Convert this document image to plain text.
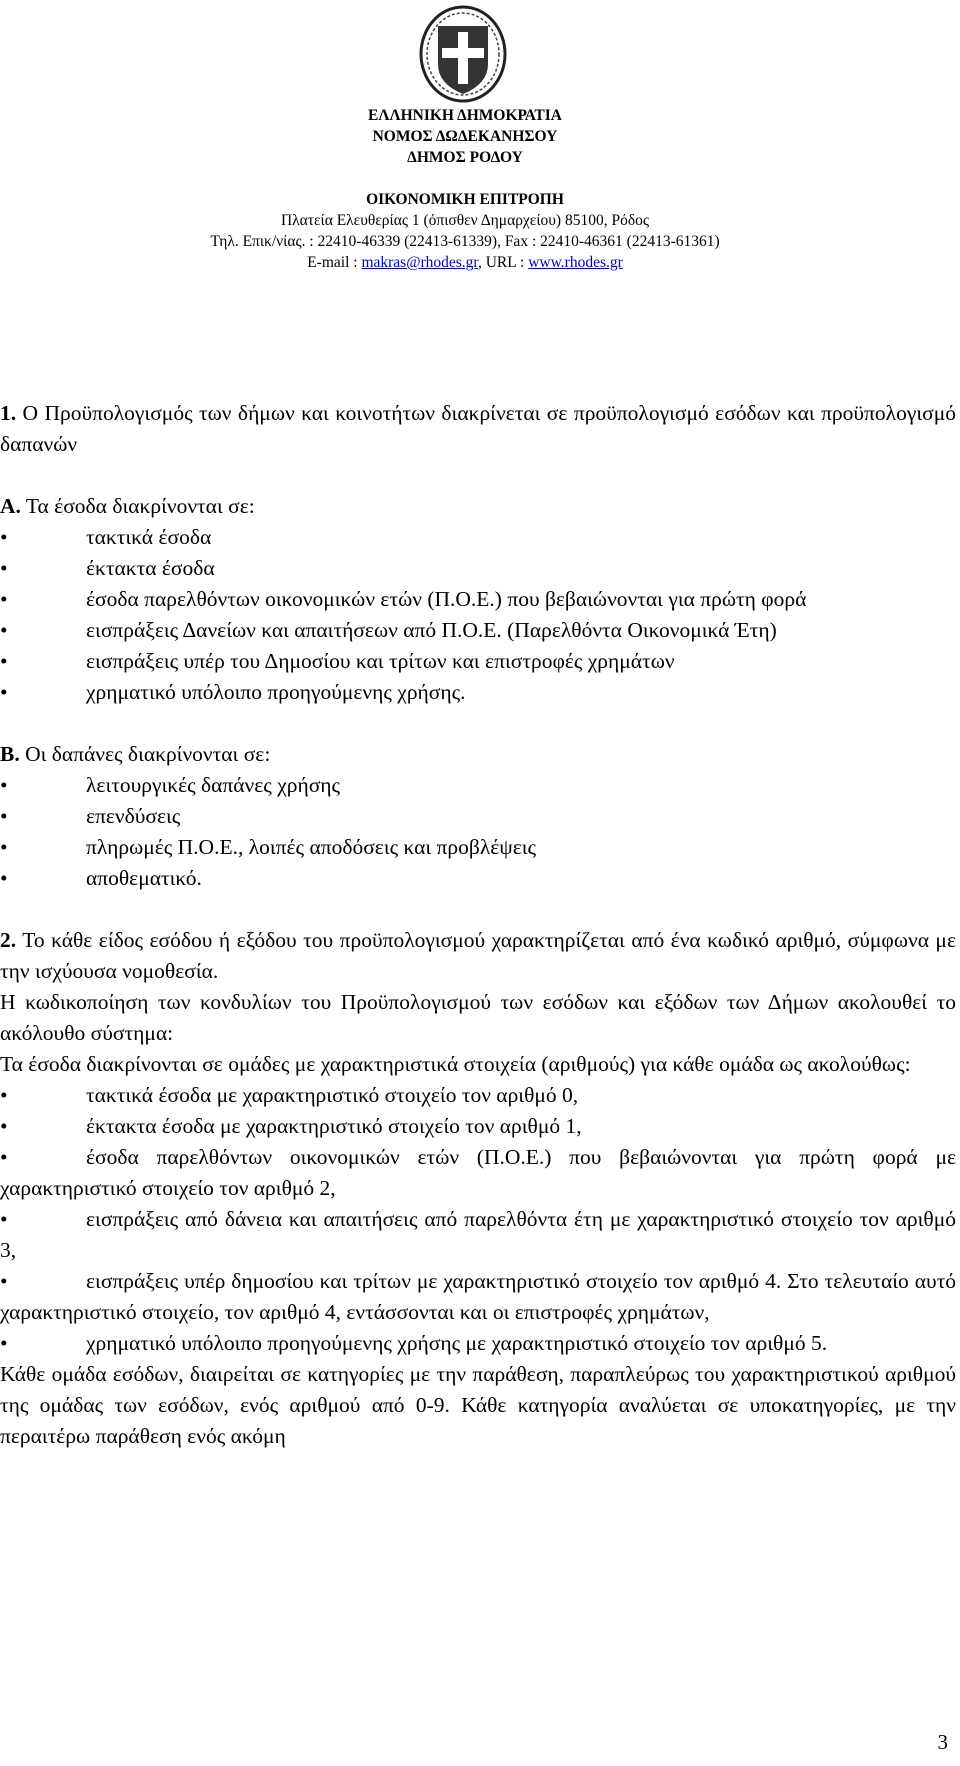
ΕΛΛΗΝΙΚΗ ΔΗΜΟΚΡΑΤΙΑ
ΝΟΜΟΣ ΔΩΔΕΚΑΝΗΣΟΥ
ΔΗΜΟΣ ΡΟΔΟΥ
ΟΙΚΟΝΟΜΙΚΗ ΕΠΙΤΡΟΠΗ
Πλατεία Ελευθερίας 1 (όπισθεν Δημαρχείου) 85100, Ρόδος
Τηλ. Επικ/νίας. : 22410-46339 (22413-61339), Fax : 22410-46361 (22413-61361)
E-mail : makras@rhodes.gr, URL : www.rhodes.gr

1. Ο Προϋπολογισμός των δήμων και κοινοτήτων διακρίνεται σε προϋπολογισμό εσόδων και προϋπολογισμό δαπανών

Α. Τα έσοδα διακρίνονται σε:

•	τακτικά έσοδα

•	έκτακτα έσοδα

•	έσοδα παρελθόντων οικονομικών ετών (Π.Ο.Ε.) που βεβαιώνονται για πρώτη φορά

•	εισπράξεις Δανείων και απαιτήσεων από Π.Ο.Ε. (Παρελθόντα Οικονομικά Έτη)

•	εισπράξεις υπέρ του Δημοσίου και τρίτων και επιστροφές χρημάτων

•	χρηματικό υπόλοιπο προηγούμενης χρήσης.

Β. Οι δαπάνες διακρίνονται σε:

•	λειτουργικές δαπάνες χρήσης

•	επενδύσεις

•	πληρωμές Π.Ο.Ε., λοιπές αποδόσεις και προβλέψεις

•	αποθεματικό.

2. Το κάθε είδος εσόδου ή εξόδου του προϋπολογισμού χαρακτηρίζεται από ένα κωδικό αριθμό, σύμφωνα με την ισχύουσα νομοθεσία.

Η κωδικοποίηση των κονδυλίων του Προϋπολογισμού των εσόδων και εξόδων των Δήμων ακολουθεί το ακόλουθο σύστημα:

Τα έσοδα διακρίνονται σε ομάδες με χαρακτηριστικά στοιχεία (αριθμούς) για κάθε ομάδα ως ακολούθως:

•	τακτικά έσοδα με χαρακτηριστικό στοιχείο τον αριθμό 0,

•	έκτακτα έσοδα με χαρακτηριστικό στοιχείο τον αριθμό 1,

•	έσοδα παρελθόντων οικονομικών ετών (Π.Ο.Ε.) που βεβαιώνονται για πρώτη φορά με χαρακτηριστικό στοιχείο τον αριθμό 2,

•	εισπράξεις από δάνεια και απαιτήσεις από παρελθόντα έτη με χαρακτηριστικό στοιχείο τον αριθμό 3,

•	εισπράξεις υπέρ δημοσίου και τρίτων με χαρακτηριστικό στοιχείο τον αριθμό 4. Στο τελευταίο αυτό χαρακτηριστικό στοιχείο, τον αριθμό 4, εντάσσονται και οι επιστροφές χρημάτων,

•	χρηματικό υπόλοιπο προηγούμενης χρήσης με χαρακτηριστικό στοιχείο τον αριθμό 5.

Κάθε ομάδα εσόδων, διαιρείται σε κατηγορίες με την παράθεση, παραπλεύρως του χαρακτηριστικού αριθμού της ομάδας των εσόδων, ενός αριθμού από 0-9. Κάθε κατηγορία αναλύεται σε υποκατηγορίες, με την περαιτέρω παράθεση ενός ακόμη

3
